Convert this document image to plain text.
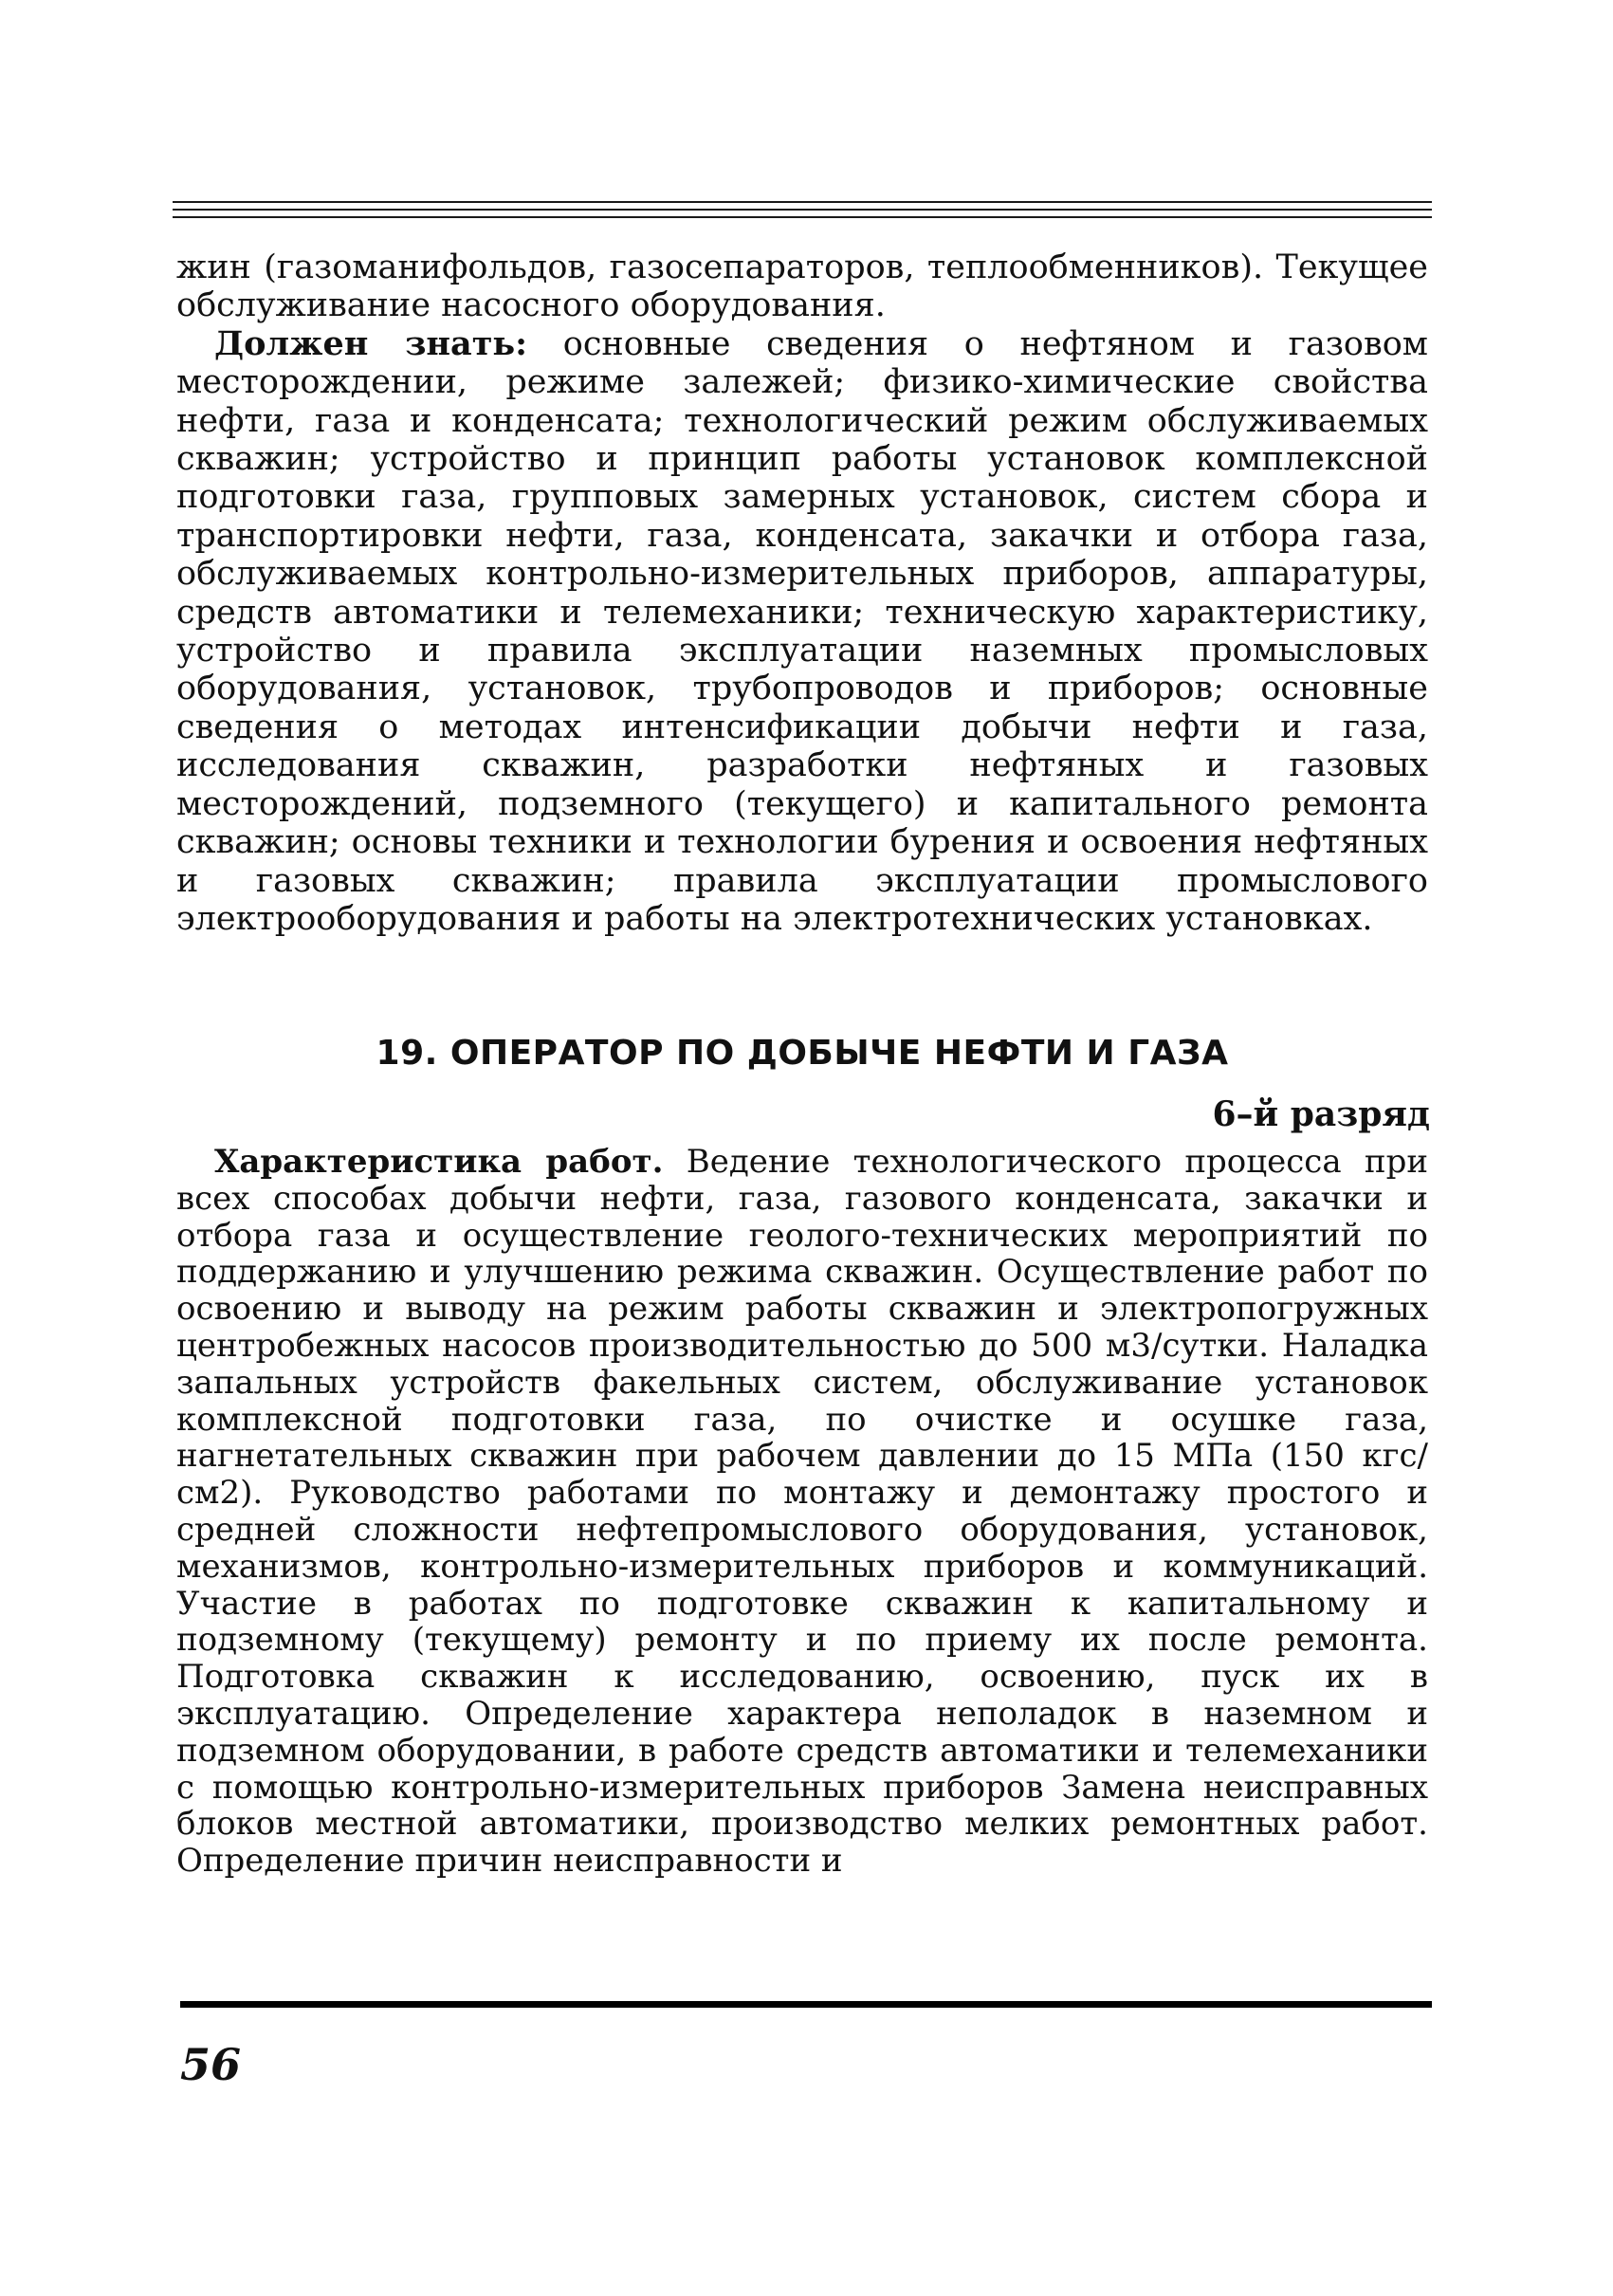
жин (газоманифольдов, газосепараторов, теплообменников). Текущее обслуживание насосного оборудования.

Должен знать: основные сведения о нефтяном и газовом месторождении, режиме залежей; физико-химические свойства нефти, газа и конденсата; технологический режим обслуживаемых скважин; устройство и принцип работы установок комплексной подготовки газа, групповых замерных установок, систем сбора и транспортировки нефти, газа, конденсата, закачки и отбора газа, обслуживаемых контрольно-измерительных приборов, аппаратуры, средств автоматики и телемеханики; техническую характеристику, устройство и правила эксплуатации наземных промысловых оборудования, установок, трубопроводов и приборов; основные сведения о методах интенсификации добычи нефти и газа, исследования скважин, разработки нефтяных и газовых месторождений, подземного (текущего) и капитального ремонта скважин; основы техники и технологии бурения и освоения нефтяных и газовых скважин; правила эксплуатации промыслового электрооборудования и работы на электротехнических установках.

19. ОПЕРАТОР ПО ДОБЫЧЕ НЕФТИ И ГАЗА
6–й разряд

Характеристика работ. Ведение технологического процесса при всех способах добычи нефти, газа, газового конденсата, закачки и отбора газа и осуществление геолого-технических мероприятий по поддержанию и улучшению режима скважин. Осуществление работ по освоению и выводу на режим работы скважин и электропогружных центробежных насосов производительностью до 500 м3/сутки. Наладка запальных устройств факельных систем, обслуживание установок комплексной подготовки газа, по очистке и осушке газа, нагнетательных скважин при рабочем давлении до 15 МПа (150 кгс/см2). Руководство работами по монтажу и демонтажу простого и средней сложности нефтепромыслового оборудования, установок, механизмов, контрольно-измерительных приборов и коммуникаций. Участие в работах по подготовке скважин к капитальному и подземному (текущему) ремонту и по приему их после ремонта. Подготовка скважин к исследованию, освоению, пуск их в эксплуатацию. Определение характера неполадок в наземном и подземном оборудовании, в работе средств автоматики и телемеханики с помощью контрольно-измерительных приборов Замена неисправных блоков местной автоматики, производство мелких ремонтных работ. Определение причин неисправности и

56
